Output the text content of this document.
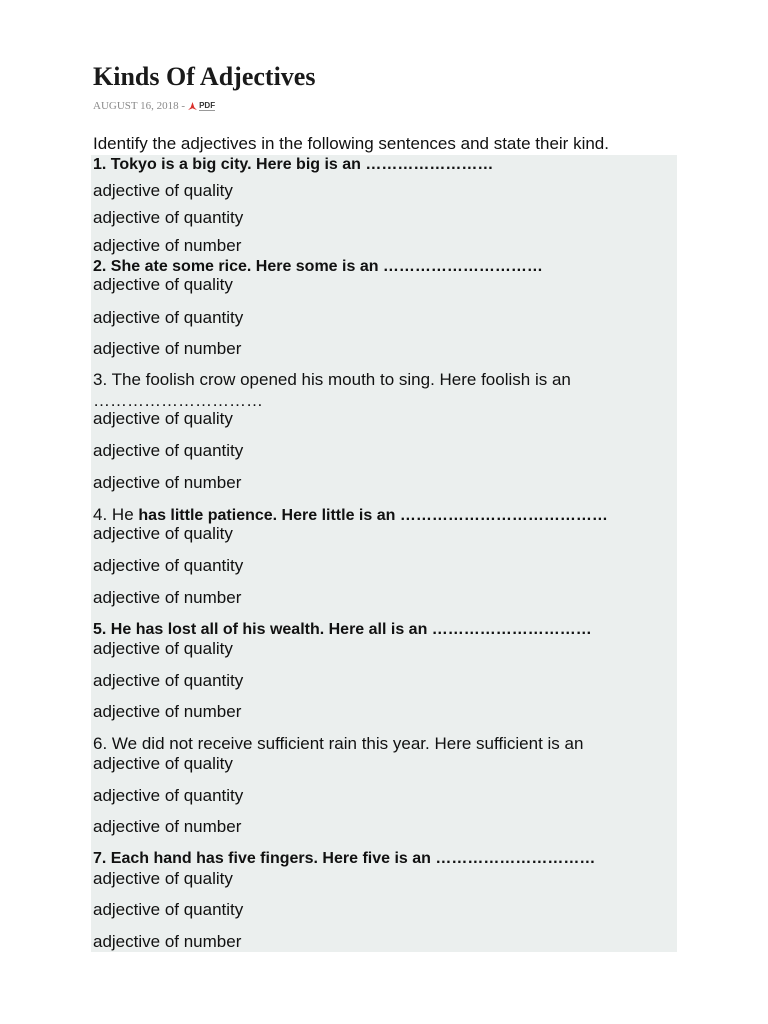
Kinds Of Adjectives
AUGUST 16, 2018 - PDF

Identify the adjectives in the following sentences and state their kind.

1. Tokyo is a big city. Here big is an ……………………
adjective of quality
adjective of quantity
adjective of number
2. She ate some rice. Here some is an …………………………
adjective of quality
adjective of quantity
adjective of number
3. The foolish crow opened his mouth to sing. Here foolish is an
…………………………
adjective of quality
adjective of quantity
adjective of number
4. He has little patience. Here little is an …………………………………
adjective of quality
adjective of quantity
adjective of number
5. He has lost all of his wealth. Here all is an …………………………
adjective of quality
adjective of quantity
adjective of number
6. We did not receive sufficient rain this year. Here sufficient is an
adjective of quality
adjective of quantity
adjective of number
7. Each hand has five fingers. Here five is an …………………………
adjective of quality
adjective of quantity
adjective of number
